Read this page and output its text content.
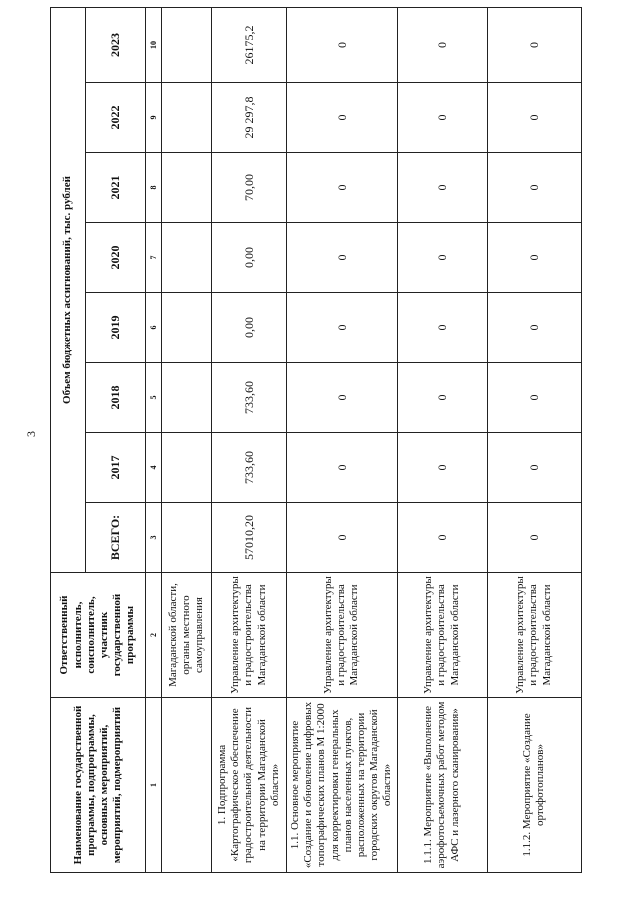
3
Наименование государственной программы, подпрограммы, основных мероприятий, мероприятий, подмероприятий	Ответственный исполнитель, соисполнитель, участник государственной программы	Объем бюджетных ассигнований, тыс. рублей							
		ВСЕГО:	2017	2018	2019	2020	2021	2022	2023
1	2	3	4	5	6	7	8	9	10
	Магаданской области, органы местного самоуправления								
1. Подпрограмма «Картографическое обеспечение градостроительной деятельности на территории Магаданской области»	Управление архитектуры и градостроительства Магаданской области	57010,20	733,60	733,60	0,00	0,00	70,00	29 297,8	26175,2
1.1. Основное мероприятие «Создание и обновление цифровых топографических планов М 1:2000 для корректировки генеральных планов населенных пунктов, расположенных на территории городских округов Магаданской области»	Управление архитектуры и градостроительства Магаданской области	0	0	0	0	0	0	0	0
1.1.1. Мероприятие «Выполнение аэрофотосъемочных работ методом АФС и лазерного сканирования»	Управление архитектуры и градостроительства Магаданской области	0	0	0	0	0	0	0	0
1.1.2. Мероприятие «Создание ортофотопланов»	Управление архитектуры и градостроительства Магаданской области	0	0	0	0	0	0	0	0
